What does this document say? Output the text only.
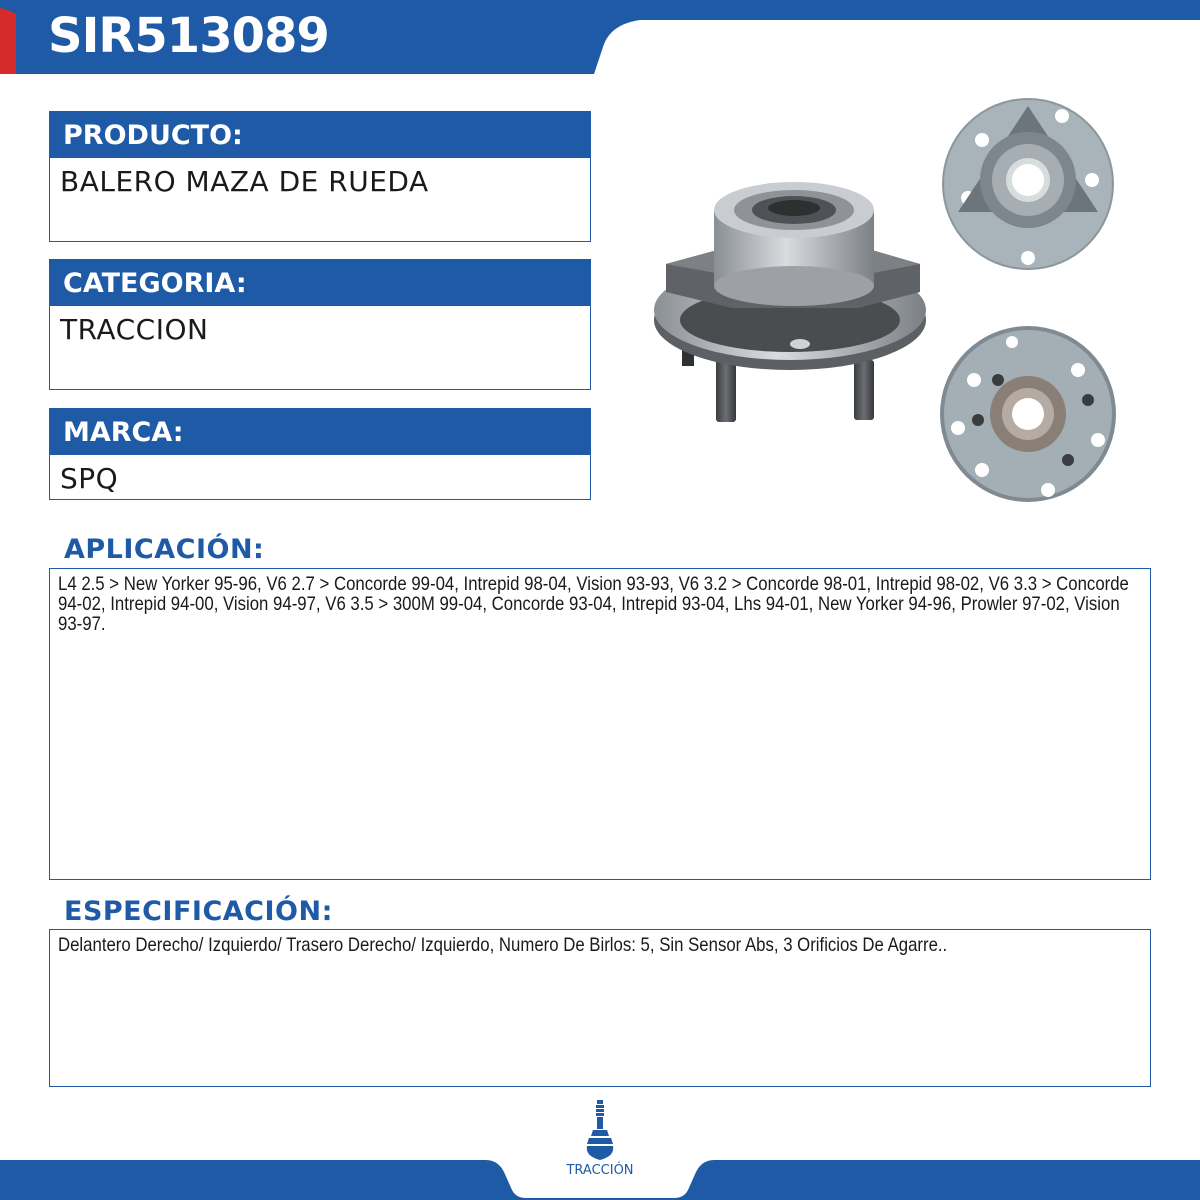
SIR513089
PRODUCTO:
BALERO MAZA DE RUEDA
CATEGORIA:
TRACCION
MARCA:
SPQ
APLICACIÓN:
L4 2.5 > New Yorker 95-96, V6 2.7 > Concorde 99-04, Intrepid 98-04, Vision 93-93, V6 3.2 > Concorde 98-01, Intrepid 98-02, V6 3.3 > Concorde 94-02, Intrepid 94-00, Vision 94-97, V6 3.5 > 300M 99-04, Concorde 93-04, Intrepid 93-04, Lhs 94-01, New Yorker 94-96, Prowler 97-02, Vision 93-97.
ESPECIFICACIÓN:
Delantero Derecho/ Izquierdo/ Trasero Derecho/ Izquierdo, Numero De Birlos: 5, Sin Sensor Abs, 3 Orificios De Agarre..
TRACCIÓN
